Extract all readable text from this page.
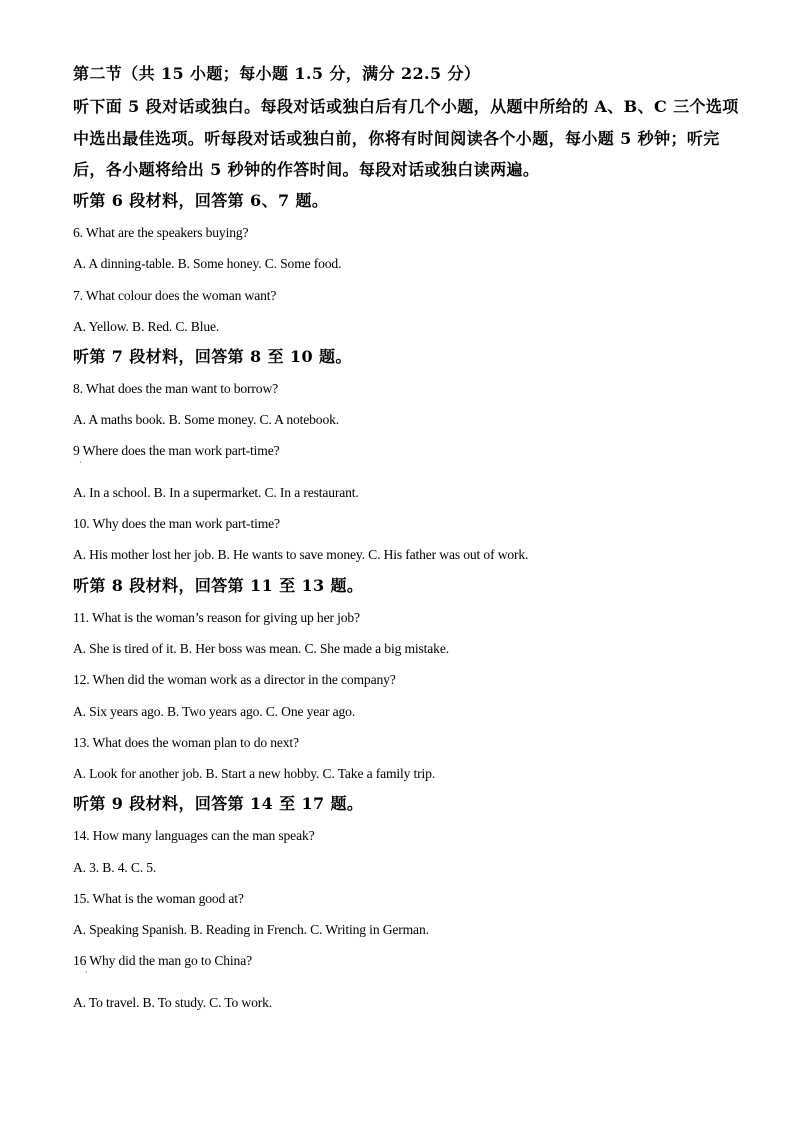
第二节（共 15 小题；每小题 1.5 分，满分 22.5 分）
听下面 5 段对话或独白。每段对话或独白后有几个小题，从题中所给的 A、B、C 三个选项
中选出最佳选项。听每段对话或独白前，你将有时间阅读各个小题，每小题 5 秒钟；听完
后，各小题将给出 5 秒钟的作答时间。每段对话或独白读两遍。
听第 6 段材料，回答第 6、7 题。
6. What are the speakers buying?
A. A dinning-table. B. Some honey. C. Some food.
7. What colour does the woman want?
A. Yellow. B. Red. C. Blue.
听第 7 段材料，回答第 8 至 10 题。
8. What does the man want to borrow?
A. A maths book. B. Some money. C. A notebook.
9 Where does the man work part-time?
·
A. In a school. B. In a supermarket. C. In a restaurant.
10. Why does the man work part-time?
A. His mother lost her job. B. He wants to save money. C. His father was out of work.
听第 8 段材料，回答第 11 至 13 题。
11. What is the woman’s reason for giving up her job?
A. She is tired of it. B. Her boss was mean. C. She made a big mistake.
12. When did the woman work as a director in the company?
A. Six years ago. B. Two years ago. C. One year ago.
13. What does the woman plan to do next?
A. Look for another job. B. Start a new hobby. C. Take a family trip.
听第 9 段材料，回答第 14 至 17 题。
14. How many languages can the man speak?
A. 3. B. 4. C. 5.
15. What is the woman good at?
A. Speaking Spanish. B. Reading in French. C. Writing in German.
16 Why did the man go to China?
·
A. To travel. B. To study. C. To work.
